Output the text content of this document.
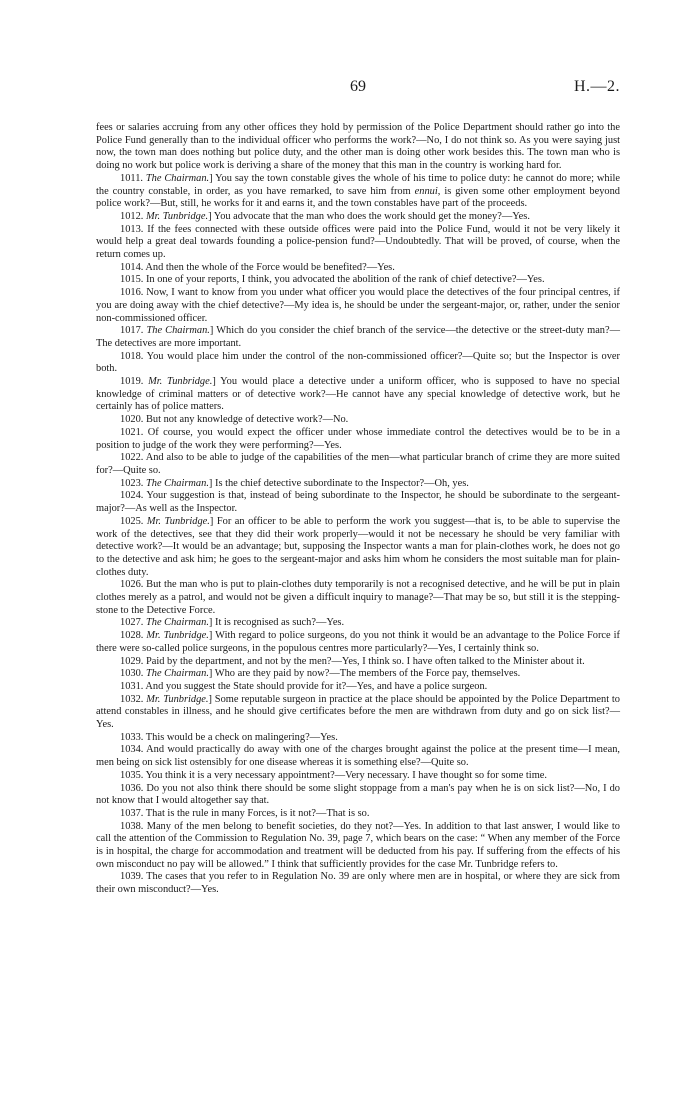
69	H.—2.

fees or salaries accruing from any other offices they hold by permission of the Police Department should rather go into the Police Fund generally than to the individual officer who performs the work?—No, I do not think so. As you were saying just now, the town man does nothing but police duty, and the other man is doing other work besides this. The town man who is doing no work but police work is deriving a share of the money that this man in the country is working hard for.

1011. The Chairman.] You say the town constable gives the whole of his time to police duty: he cannot do more; while the country constable, in order, as you have remarked, to save him from ennui, is given some other employment beyond police work?—But, still, he works for it and earns it, and the town constables have part of the proceeds.

1012. Mr. Tunbridge.] You advocate that the man who does the work should get the money?—Yes.

1013. If the fees connected with these outside offices were paid into the Police Fund, would it not be very likely it would help a great deal towards founding a police-pension fund?—Undoubtedly. That will be proved, of course, when the return comes up.

1014. And then the whole of the Force would be benefited?—Yes.

1015. In one of your reports, I think, you advocated the abolition of the rank of chief detective?—Yes.

1016. Now, I want to know from you under what officer you would place the detectives of the four principal centres, if you are doing away with the chief detective?—My idea is, he should be under the sergeant-major, or, rather, under the senior non-commissioned officer.

1017. The Chairman.] Which do you consider the chief branch of the service—the detective or the street-duty man?—The detectives are more important.

1018. You would place him under the control of the non-commissioned officer?—Quite so; but the Inspector is over both.

1019. Mr. Tunbridge.] You would place a detective under a uniform officer, who is supposed to have no special knowledge of criminal matters or of detective work?—He cannot have any special knowledge of detective work, but he certainly has of police matters.

1020. But not any knowledge of detective work?—No.

1021. Of course, you would expect the officer under whose immediate control the detectives would be to be in a position to judge of the work they were performing?—Yes.

1022. And also to be able to judge of the capabilities of the men—what particular branch of crime they are more suited for?—Quite so.

1023. The Chairman.] Is the chief detective subordinate to the Inspector?—Oh, yes.

1024. Your suggestion is that, instead of being subordinate to the Inspector, he should be subordinate to the sergeant-major?—As well as the Inspector.

1025. Mr. Tunbridge.] For an officer to be able to perform the work you suggest—that is, to be able to supervise the work of the detectives, see that they did their work properly—would it not be necessary he should be very familiar with detective work?—It would be an advantage; but, supposing the Inspector wants a man for plain-clothes work, he does not go to the detective and ask him; he goes to the sergeant-major and asks him whom he considers the most suitable man for plain-clothes duty.

1026. But the man who is put to plain-clothes duty temporarily is not a recognised detective, and he will be put in plain clothes merely as a patrol, and would not be given a difficult inquiry to manage?—That may be so, but still it is the stepping-stone to the Detective Force.

1027. The Chairman.] It is recognised as such?—Yes.

1028. Mr. Tunbridge.] With regard to police surgeons, do you not think it would be an advantage to the Police Force if there were so-called police surgeons, in the populous centres more particularly?—Yes, I certainly think so.

1029. Paid by the department, and not by the men?—Yes, I think so. I have often talked to the Minister about it.

1030. The Chairman.] Who are they paid by now?—The members of the Force pay, themselves.

1031. And you suggest the State should provide for it?—Yes, and have a police surgeon.

1032. Mr. Tunbridge.] Some reputable surgeon in practice at the place should be appointed by the Police Department to attend constables in illness, and he should give certificates before the men are withdrawn from duty and go on sick list?—Yes.

1033. This would be a check on malingering?—Yes.

1034. And would practically do away with one of the charges brought against the police at the present time—I mean, men being on sick list ostensibly for one disease whereas it is something else?—Quite so.

1035. You think it is a very necessary appointment?—Very necessary. I have thought so for some time.

1036. Do you not also think there should be some slight stoppage from a man's pay when he is on sick list?—No, I do not know that I would altogether say that.

1037. That is the rule in many Forces, is it not?—That is so.

1038. Many of the men belong to benefit societies, do they not?—Yes. In addition to that last answer, I would like to call the attention of the Commission to Regulation No. 39, page 7, which bears on the case: “ When any member of the Force is in hospital, the charge for accommodation and treatment will be deducted from his pay. If suffering from the effects of his own misconduct no pay will be allowed.” I think that sufficiently provides for the case Mr. Tunbridge refers to.

1039. The cases that you refer to in Regulation No. 39 are only where men are in hospital, or where they are sick from their own misconduct?—Yes.
